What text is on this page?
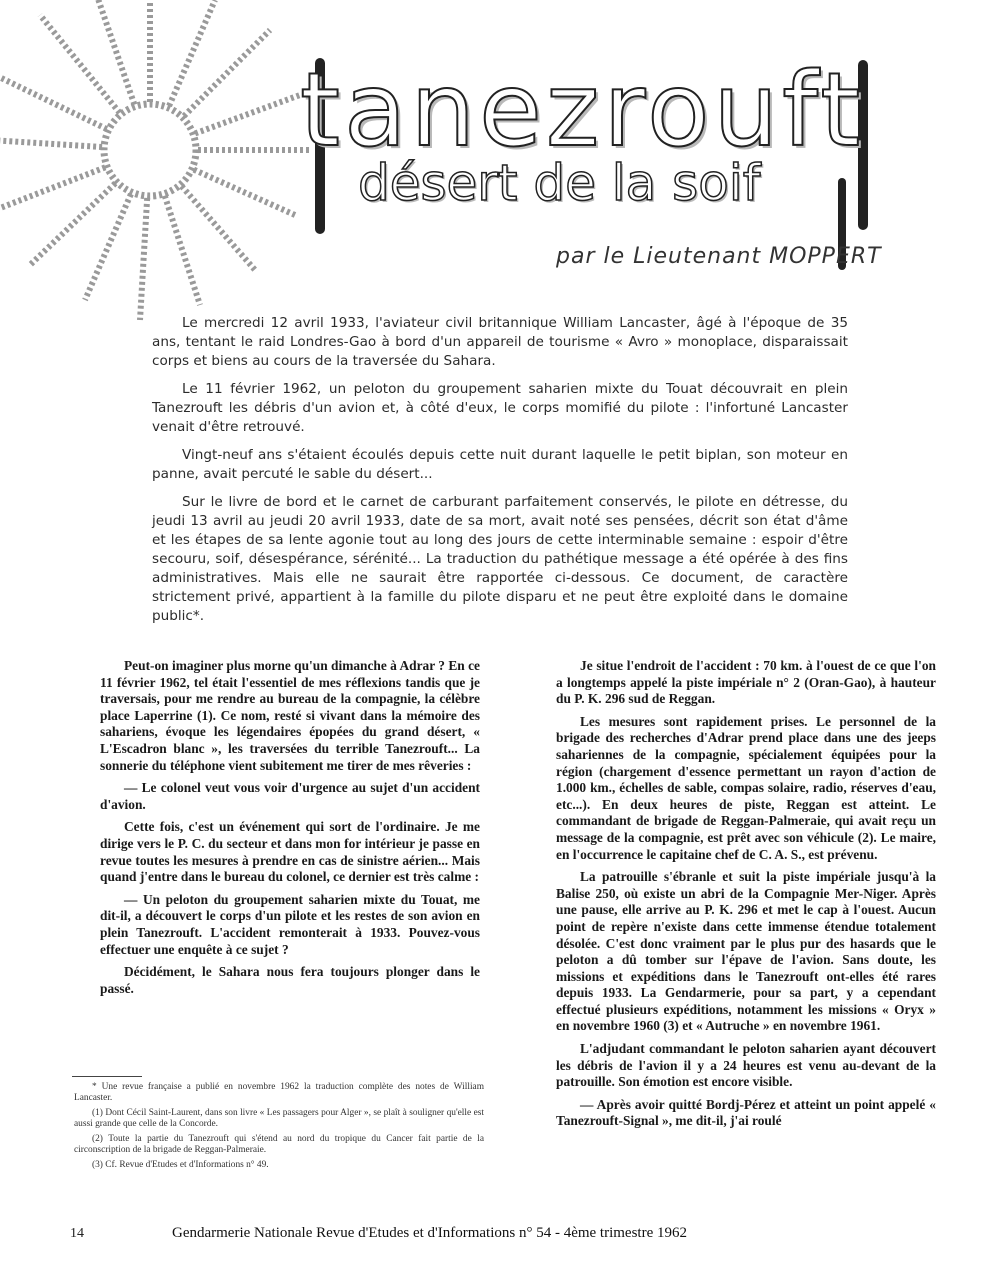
tanezrouft
désert de la soif
par le Lieutenant MOPPERT

Le mercredi 12 avril 1933, l'aviateur civil britannique William Lancaster, âgé à l'époque de 35 ans, tentant le raid Londres-Gao à bord d'un appareil de tourisme « Avro » monoplace, disparaissait corps et biens au cours de la traversée du Sahara.

Le 11 février 1962, un peloton du groupement saharien mixte du Touat découvrait en plein Tanezrouft les débris d'un avion et, à côté d'eux, le corps momifié du pilote : l'infortuné Lancaster venait d'être retrouvé.

Vingt-neuf ans s'étaient écoulés depuis cette nuit durant laquelle le petit biplan, son moteur en panne, avait percuté le sable du désert...

Sur le livre de bord et le carnet de carburant parfaitement conservés, le pilote en détresse, du jeudi 13 avril au jeudi 20 avril 1933, date de sa mort, avait noté ses pensées, décrit son état d'âme et les étapes de sa lente agonie tout au long des jours de cette interminable semaine : espoir d'être secouru, soif, désespérance, sérénité... La traduction du pathétique message a été opérée à des fins administratives. Mais elle ne saurait être rapportée ci-dessous. Ce document, de caractère strictement privé, appartient à la famille du pilote disparu et ne peut être exploité dans le domaine public*.

Peut-on imaginer plus morne qu'un dimanche à Adrar ? En ce 11 février 1962, tel était l'essentiel de mes réflexions tandis que je traversais, pour me rendre au bureau de la compagnie, la célèbre place Laperrine (1). Ce nom, resté si vivant dans la mémoire des sahariens, évoque les légendaires épopées du grand désert, « L'Escadron blanc », les traversées du terrible Tanezrouft... La sonnerie du téléphone vient subitement me tirer de mes rêveries :

— Le colonel veut vous voir d'urgence au sujet d'un accident d'avion.

Cette fois, c'est un événement qui sort de l'ordinaire. Je me dirige vers le P. C. du secteur et dans mon for intérieur je passe en revue toutes les mesures à prendre en cas de sinistre aérien... Mais quand j'entre dans le bureau du colonel, ce dernier est très calme :

— Un peloton du groupement saharien mixte du Touat, me dit-il, a découvert le corps d'un pilote et les restes de son avion en plein Tanezrouft. L'accident remonterait à 1933. Pouvez-vous effectuer une enquête à ce sujet ?

Décidément, le Sahara nous fera toujours plonger dans le passé.

* Une revue française a publié en novembre 1962 la traduction complète des notes de William Lancaster.

(1) Dont Cécil Saint-Laurent, dans son livre « Les passagers pour Alger », se plaît à souligner qu'elle est aussi grande que celle de la Concorde.

(2) Toute la partie du Tanezrouft qui s'étend au nord du tropique du Cancer fait partie de la circonscription de la brigade de Reggan-Palmeraie.

(3) Cf. Revue d'Etudes et d'Informations n° 49.

Je situe l'endroit de l'accident : 70 km. à l'ouest de ce que l'on a longtemps appelé la piste impériale n° 2 (Oran-Gao), à hauteur du P. K. 296 sud de Reggan.

Les mesures sont rapidement prises. Le personnel de la brigade des recherches d'Adrar prend place dans une des jeeps sahariennes de la compagnie, spécialement équipées pour la région (chargement d'essence permettant un rayon d'action de 1.000 km., échelles de sable, compas solaire, radio, réserves d'eau, etc...). En deux heures de piste, Reggan est atteint. Le commandant de brigade de Reggan-Palmeraie, qui avait reçu un message de la compagnie, est prêt avec son véhicule (2). Le maire, en l'occurrence le capitaine chef de C. A. S., est prévenu.

La patrouille s'ébranle et suit la piste impériale jusqu'à la Balise 250, où existe un abri de la Compagnie Mer-Niger. Après une pause, elle arrive au P. K. 296 et met le cap à l'ouest. Aucun point de repère n'existe dans cette immense étendue totalement désolée. C'est donc vraiment par le plus pur des hasards que le peloton a dû tomber sur l'épave de l'avion. Sans doute, les missions et expéditions dans le Tanezrouft ont-elles été rares depuis 1933. La Gendarmerie, pour sa part, y a cependant effectué plusieurs expéditions, notamment les missions « Oryx » en novembre 1960 (3) et « Autruche » en novembre 1961.

L'adjudant commandant le peloton saharien ayant découvert les débris de l'avion il y a 24 heures est venu au-devant de la patrouille. Son émotion est encore visible.

— Après avoir quitté Bordj-Pérez et atteint un point appelé « Tanezrouft-Signal », me dit-il, j'ai roulé

14	Gendarmerie Nationale Revue d'Etudes et d'Informations n° 54 - 4ème trimestre 1962
